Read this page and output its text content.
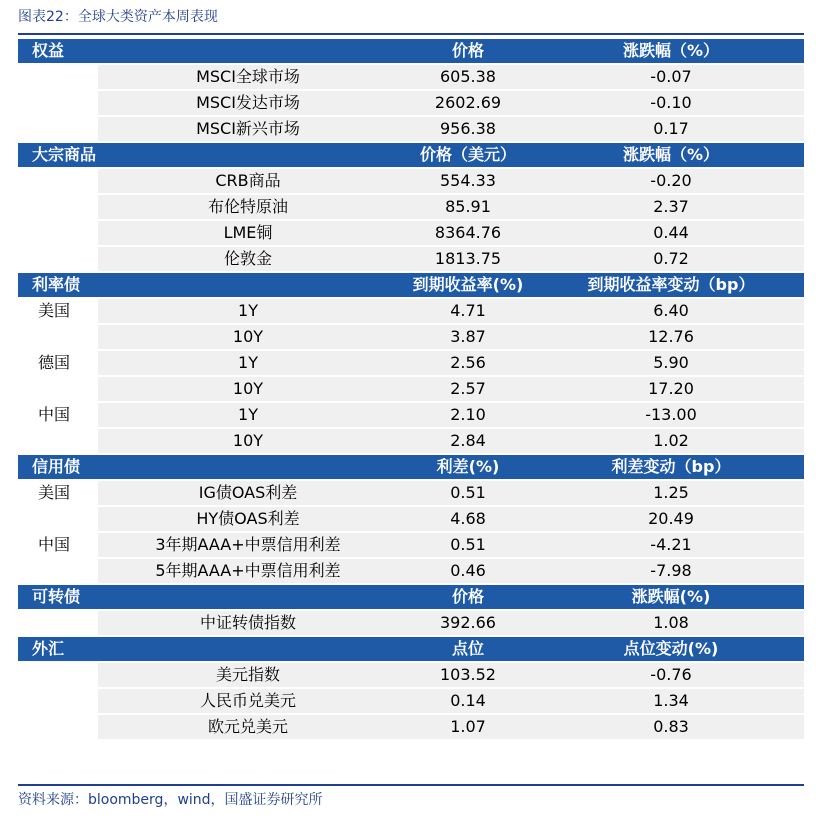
图表22：全球大类资产本周表现
权益		价格	涨跌幅（%）
	MSCI全球市场	605.38	-0.07
	MSCI发达市场	2602.69	-0.10
	MSCI新兴市场	956.38	0.17
大宗商品		价格（美元）	涨跌幅（%）
	CRB商品	554.33	-0.20
	布伦特原油	85.91	2.37
	LME铜	8364.76	0.44
	伦敦金	1813.75	0.72
利率债		到期收益率(%)	到期收益率变动（bp）
美国	1Y	4.71	6.40
	10Y	3.87	12.76
德国	1Y	2.56	5.90
	10Y	2.57	17.20
中国	1Y	2.10	-13.00
	10Y	2.84	1.02
信用债		利差(%)	利差变动（bp）
美国	IG债OAS利差	0.51	1.25
	HY债OAS利差	4.68	20.49
中国	3年期AAA+中票信用利差	0.51	-4.21
	5年期AAA+中票信用利差	0.46	-7.98
可转债		价格	涨跌幅(%)
	中证转债指数	392.66	1.08
外汇		点位	点位变动(%)
	美元指数	103.52	-0.76
	人民币兑美元	0.14	1.34
	欧元兑美元	1.07	0.83
资料来源：bloomberg，wind，国盛证券研究所
